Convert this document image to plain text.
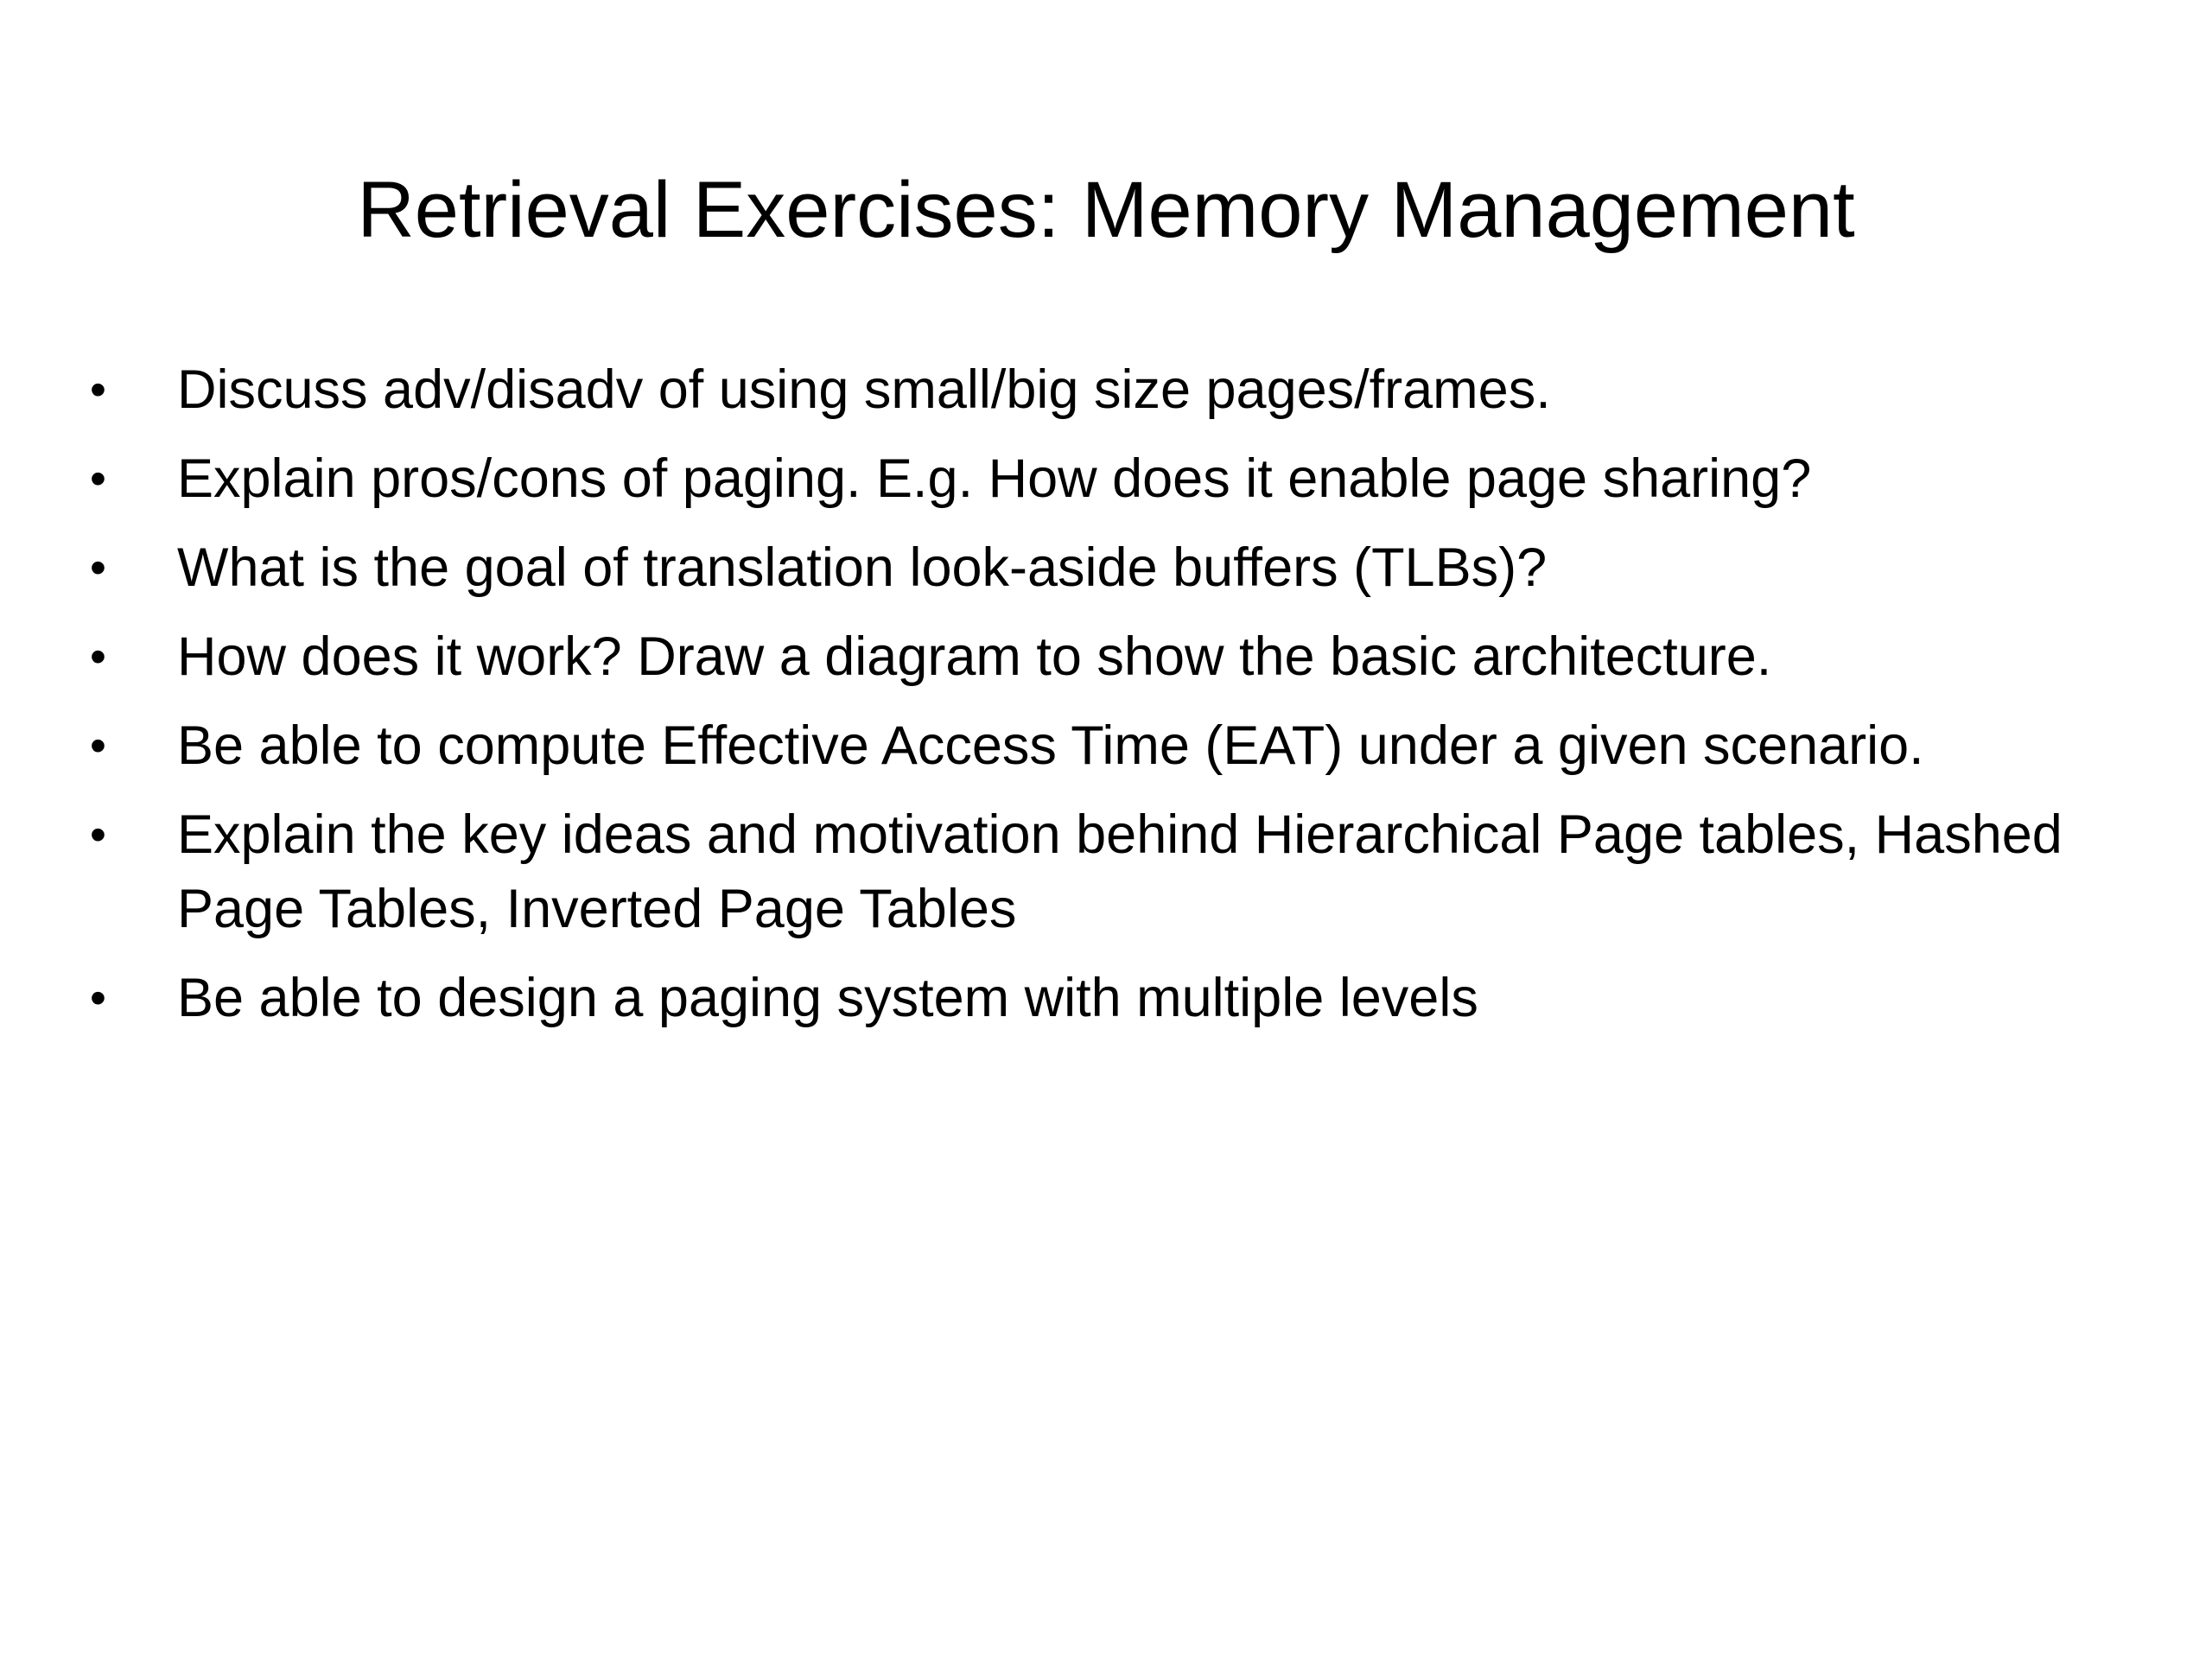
Retrieval Exercises: Memory Management
• Discuss adv/disadv of using small/big size pages/frames.
• Explain pros/cons of paging. E.g. How does it enable page sharing?
• What is the goal of translation look-aside buffers (TLBs)?
• How does it work? Draw a diagram to show the basic architecture.
• Be able to compute Effective Access Time (EAT) under a given scenario.
• Explain the key ideas and motivation behind Hierarchical Page tables, Hashed Page Tables, Inverted Page Tables
• Be able to design a paging system with multiple levels
